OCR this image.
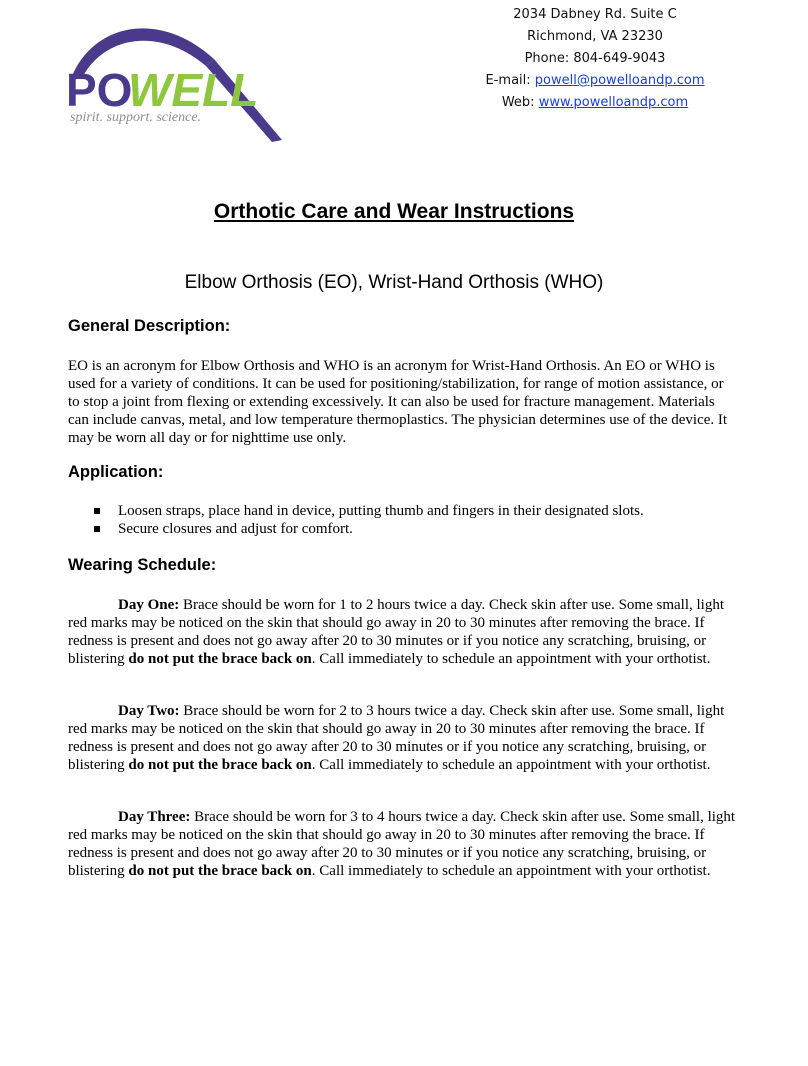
PO
WELL
spirit. support. science.
2034 Dabney Rd. Suite C
Richmond, VA 23230
Phone: 804-649-9043
E-mail: powell@powelloandp.com
Web: www.powelloandp.com
Orthotic Care and Wear Instructions
Elbow Orthosis (EO), Wrist-Hand Orthosis (WHO)
General Description:
EO is an acronym for Elbow Orthosis and WHO is an acronym for Wrist-Hand Orthosis. An EO or WHO is used for a variety of conditions. It can be used for positioning/stabilization, for range of motion assistance, or to stop a joint from flexing or extending excessively. It can also be used for fracture management. Materials can include canvas, metal, and low temperature thermoplastics. The physician determines use of the device. It may be worn all day or for nighttime use only.
Application:
Loosen straps, place hand in device, putting thumb and fingers in their designated slots.
Secure closures and adjust for comfort.
Wearing Schedule:
Day One: Brace should be worn for 1 to 2 hours twice a day. Check skin after use. Some small, light red marks may be noticed on the skin that should go away in 20 to 30 minutes after removing the brace. If redness is present and does not go away after 20 to 30 minutes or if you notice any scratching, bruising, or blistering do not put the brace back on. Call immediately to schedule an appointment with your orthotist.
Day Two: Brace should be worn for 2 to 3 hours twice a day. Check skin after use. Some small, light red marks may be noticed on the skin that should go away in 20 to 30 minutes after removing the brace. If redness is present and does not go away after 20 to 30 minutes or if you notice any scratching, bruising, or blistering do not put the brace back on. Call immediately to schedule an appointment with your orthotist.
Day Three: Brace should be worn for 3 to 4 hours twice a day. Check skin after use. Some small, light red marks may be noticed on the skin that should go away in 20 to 30 minutes after removing the brace. If redness is present and does not go away after 20 to 30 minutes or if you notice any scratching, bruising, or blistering do not put the brace back on. Call immediately to schedule an appointment with your orthotist.
